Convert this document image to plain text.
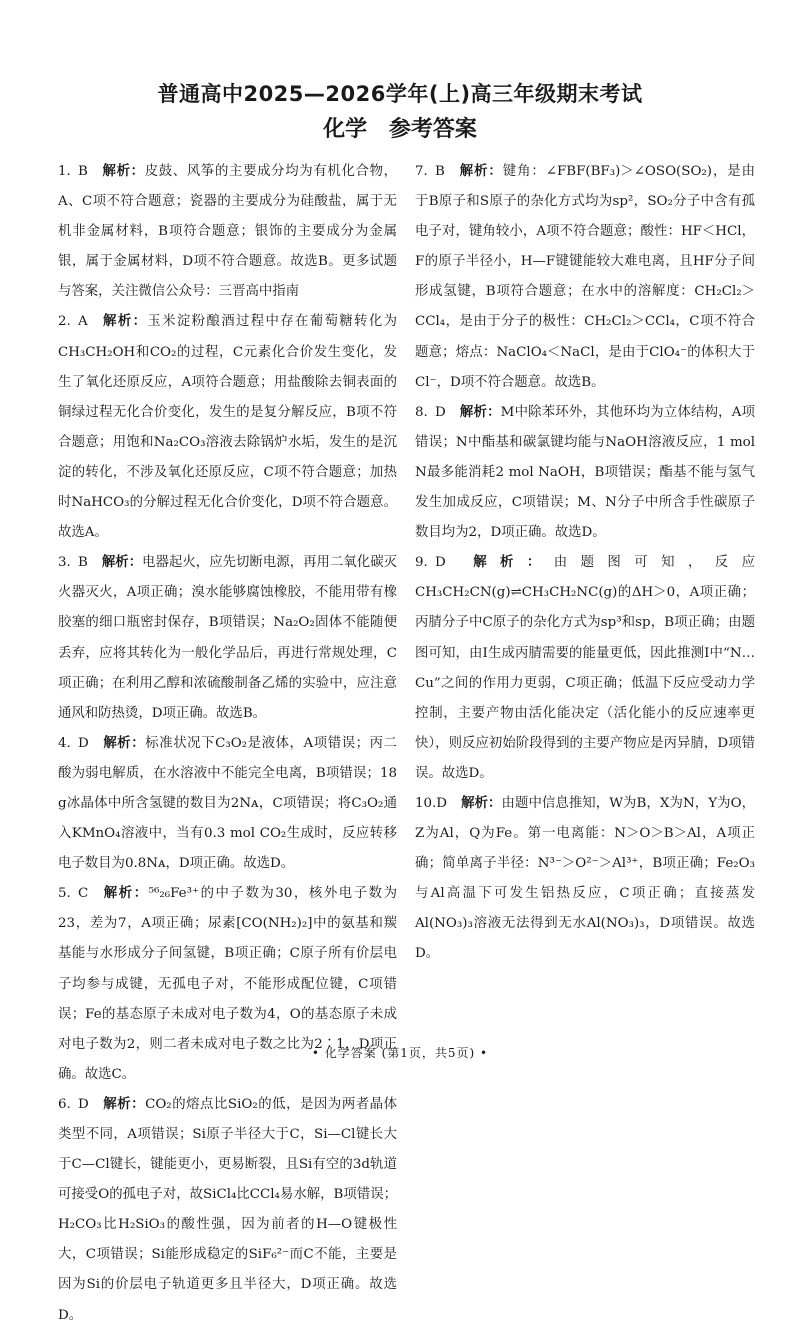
普通高中2025—2026学年(上)高三年级期末考试
化学 参考答案

1. B 解析：皮鼓、风筝的主要成分均为有机化合物，A、C项不符合题意；瓷器的主要成分为硅酸盐，属于无机非金属材料，B项符合题意；银饰的主要成分为金属银，属于金属材料，D项不符合题意。故选B。更多试题与答案，关注微信公众号：三晋高中指南

2. A 解析：玉米淀粉酿酒过程中存在葡萄糖转化为CH₃CH₂OH和CO₂的过程，C元素化合价发生变化，发生了氧化还原反应，A项符合题意；用盐酸除去铜表面的铜绿过程无化合价变化，发生的是复分解反应，B项不符合题意；用饱和Na₂CO₃溶液去除锅炉水垢，发生的是沉淀的转化，不涉及氧化还原反应，C项不符合题意；加热时NaHCO₃的分解过程无化合价变化，D项不符合题意。故选A。

3. B 解析：电器起火，应先切断电源，再用二氧化碳灭火器灭火，A项正确；溴水能够腐蚀橡胶，不能用带有橡胶塞的细口瓶密封保存，B项错误；Na₂O₂固体不能随便丢弃，应将其转化为一般化学品后，再进行常规处理，C项正确；在利用乙醇和浓硫酸制备乙烯的实验中，应注意通风和防热烫，D项正确。故选B。

4. D 解析：标准状况下C₃O₂是液体，A项错误；丙二酸为弱电解质，在水溶液中不能完全电离，B项错误；18 g冰晶体中所含氢键的数目为2Nᴀ，C项错误；将C₃O₂通入KMnO₄溶液中，当有0.3 mol CO₂生成时，反应转移电子数目为0.8Nᴀ，D项正确。故选D。

5. C 解析：⁵⁶₂₆Fe³⁺的中子数为30，核外电子数为23，差为7，A项正确；尿素[CO(NH₂)₂]中的氨基和羰基能与水形成分子间氢键，B项正确；C原子所有价层电子均参与成键，无孤电子对，不能形成配位键，C项错误；Fe的基态原子未成对电子数为4，O的基态原子未成对电子数为2，则二者未成对电子数之比为2∶1，D项正确。故选C。

6. D 解析：CO₂的熔点比SiO₂的低，是因为两者晶体类型不同，A项错误；Si原子半径大于C，Si—Cl键长大于C—Cl键长，键能更小，更易断裂，且Si有空的3d轨道可接受O的孤电子对，故SiCl₄比CCl₄易水解，B项错误；H₂CO₃比H₂SiO₃的酸性强，因为前者的H—O键极性大，C项错误；Si能形成稳定的SiF₆²⁻而C不能，主要是因为Si的价层电子轨道更多且半径大，D项正确。故选D。

7. B 解析：键角：∠FBF(BF₃)＞∠OSO(SO₂)，是由于B原子和S原子的杂化方式均为sp²，SO₂分子中含有孤电子对，键角较小，A项不符合题意；酸性：HF＜HCl，F的原子半径小，H—F键键能较大难电离，且HF分子间形成氢键，B项符合题意；在水中的溶解度：CH₂Cl₂＞CCl₄，是由于分子的极性：CH₂Cl₂＞CCl₄，C项不符合题意；熔点：NaClO₄＜NaCl，是由于ClO₄⁻的体积大于Cl⁻，D项不符合题意。故选B。

8. D 解析：M中除苯环外，其他环均为立体结构，A项错误；N中酯基和碳氯键均能与NaOH溶液反应，1 mol N最多能消耗2 mol NaOH，B项错误；酯基不能与氢气发生加成反应，C项错误；M、N分子中所含手性碳原子数目均为2，D项正确。故选D。

9. D 解析：由题图可知，反应CH₃CH₂CN(g)⇌CH₃CH₂NC(g)的ΔH＞0，A项正确；丙腈分子中C原子的杂化方式为sp³和sp，B项正确；由题图可知，由Ⅰ生成丙腈需要的能量更低，因此推测Ⅰ中“N…Cu”之间的作用力更弱，C项正确；低温下反应受动力学控制，主要产物由活化能决定（活化能小的反应速率更快），则反应初始阶段得到的主要产物应是丙异腈，D项错误。故选D。

10.D 解析：由题中信息推知，W为B，X为N，Y为O，Z为Al，Q为Fe。第一电离能：N＞O＞B＞Al，A项正确；简单离子半径：N³⁻＞O²⁻＞Al³⁺，B项正确；Fe₂O₃与Al高温下可发生铝热反应，C项正确；直接蒸发Al(NO₃)₃溶液无法得到无水Al(NO₃)₃，D项错误。故选D。

• 化学答案 (第1页，共5页) •
